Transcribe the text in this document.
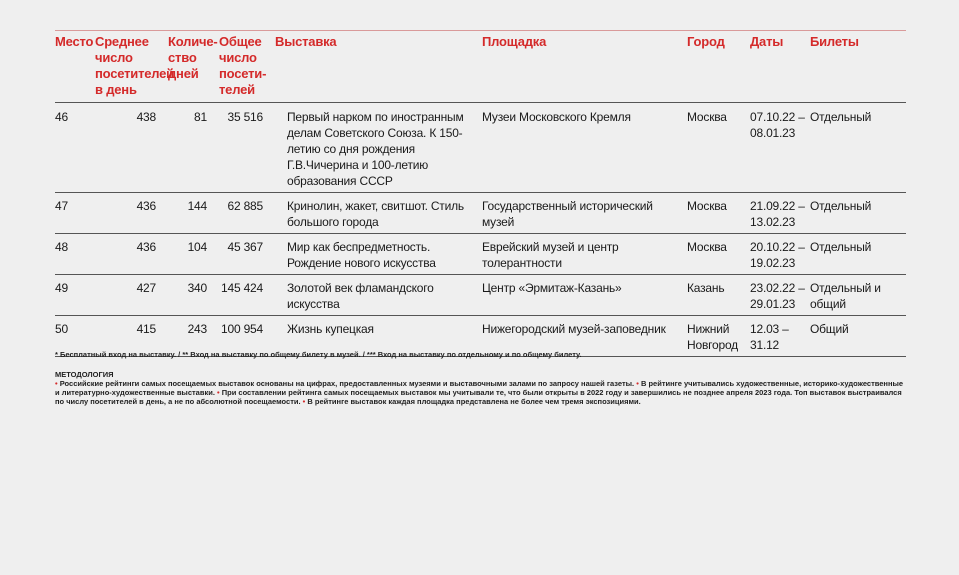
Место	Среднее число посетителей в день	Количе-ство дней	Общее число посети-телей	Выставка	Площадка	Город	Даты	Билеты
46	438	81	35 516	Первый нарком по иностранным делам Советского Союза. К 150-летию со дня рождения Г.В.Чичерина и 100-летию образования СССР	Музеи Московского Кремля	Москва	07.10.22 – 08.01.23	Отдельный
47	436	144	62 885	Кринолин, жакет, свитшот. Стиль большого города	Государственный исторический музей	Москва	21.09.22 – 13.02.23	Отдельный
48	436	104	45 367	Мир как беспредметность. Рождение нового искусства	Еврейский музей и центр толерантности	Москва	20.10.22 – 19.02.23	Отдельный
49	427	340	145 424	Золотой век фламандского искусства	Центр «Эрмитаж-Казань»	Казань	23.02.22 – 29.01.23	Отдельный и общий
50	415	243	100 954	Жизнь купецкая	Нижегородский музей-заповедник	Нижний Новгород	12.03 – 31.12	Общий
* Бесплатный вход на выставку. / ** Вход на выставку по общему билету в музей. / *** Вход на выставку по отдельному и по общему билету.
МЕТОДОЛОГИЯ
• Российские рейтинги самых посещаемых выставок основаны на цифрах, предоставленных музеями и выставочными залами по запросу нашей газеты. • В рейтинге учитывались художественные, историко-художественные и литературно-художественные выставки. • При составлении рейтинга самых посещаемых выставок мы учитывали те, что были открыты в 2022 году и завершились не позднее апреля 2023 года. Топ выставок выстраивался по числу посетителей в день, а не по абсолютной посещаемости. • В рейтинге выставок каждая площадка представлена не более чем тремя экспозициями.
